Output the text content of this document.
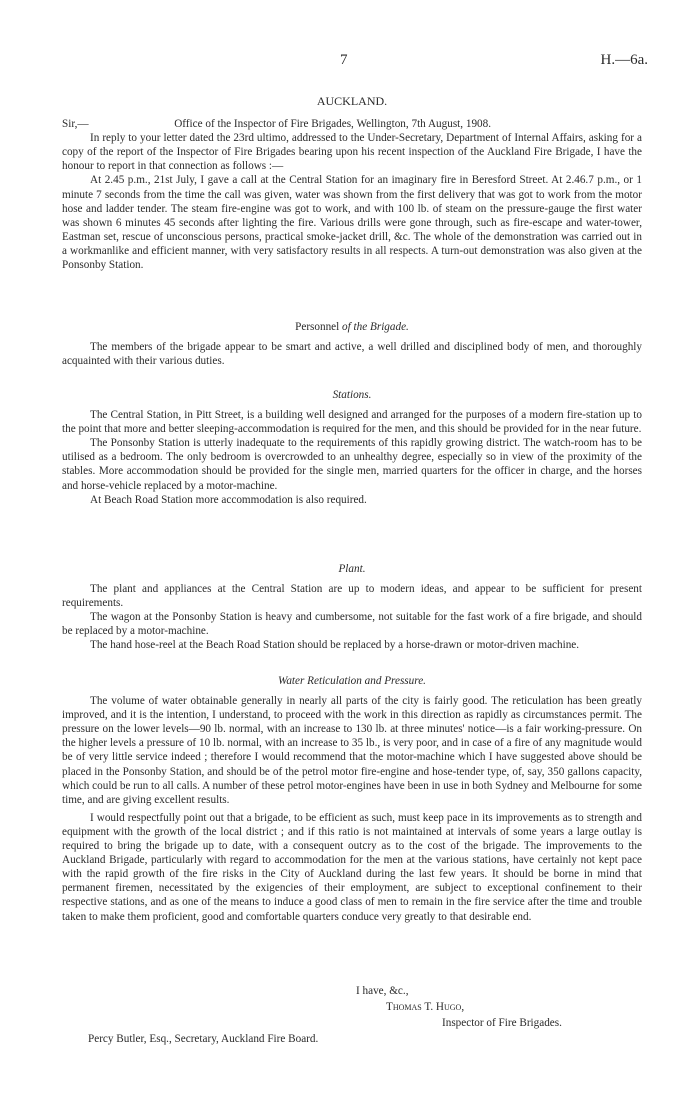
7	H.—6a.

AUCKLAND.

Sir,—	Office of the Inspector of Fire Brigades, Wellington, 7th August, 1908.

In reply to your letter dated the 23rd ultimo, addressed to the Under-Secretary, Department of Internal Affairs, asking for a copy of the report of the Inspector of Fire Brigades bearing upon his recent inspection of the Auckland Fire Brigade, I have the honour to report in that connection as follows :—

At 2.45 p.m., 21st July, I gave a call at the Central Station for an imaginary fire in Beresford Street. At 2.46.7 p.m., or 1 minute 7 seconds from the time the call was given, water was shown from the first delivery that was got to work from the motor hose and ladder tender. The steam fire-engine was got to work, and with 100 lb. of steam on the pressure-gauge the first water was shown 6 minutes 45 seconds after lighting the fire. Various drills were gone through, such as fire-escape and water-tower, Eastman set, rescue of unconscious persons, practical smoke-jacket drill, &c. The whole of the demonstration was carried out in a workmanlike and efficient manner, with very satisfactory results in all respects. A turn-out demonstration was also given at the Ponsonby Station.

Personnel of the Brigade.

The members of the brigade appear to be smart and active, a well drilled and disciplined body of men, and thoroughly acquainted with their various duties.

Stations.

The Central Station, in Pitt Street, is a building well designed and arranged for the purposes of a modern fire-station up to the point that more and better sleeping-accommodation is required for the men, and this should be provided for in the near future.

The Ponsonby Station is utterly inadequate to the requirements of this rapidly growing district. The watch-room has to be utilised as a bedroom. The only bedroom is overcrowded to an unhealthy degree, especially so in view of the proximity of the stables. More accommodation should be provided for the single men, married quarters for the officer in charge, and the horses and horse-vehicle replaced by a motor-machine.

At Beach Road Station more accommodation is also required.

Plant.

The plant and appliances at the Central Station are up to modern ideas, and appear to be sufficient for present requirements.

The wagon at the Ponsonby Station is heavy and cumbersome, not suitable for the fast work of a fire brigade, and should be replaced by a motor-machine.

The hand hose-reel at the Beach Road Station should be replaced by a horse-drawn or motor-driven machine.

Water Reticulation and Pressure.

The volume of water obtainable generally in nearly all parts of the city is fairly good. The reticulation has been greatly improved, and it is the intention, I understand, to proceed with the work in this direction as rapidly as circumstances permit. The pressure on the lower levels—90 lb. normal, with an increase to 130 lb. at three minutes' notice—is a fair working-pressure. On the higher levels a pressure of 10 lb. normal, with an increase to 35 lb., is very poor, and in case of a fire of any magnitude would be of very little service indeed ; therefore I would recommend that the motor-machine which I have suggested above should be placed in the Ponsonby Station, and should be of the petrol motor fire-engine and hose-tender type, of, say, 350 gallons capacity, which could be run to all calls. A number of these petrol motor-engines have been in use in both Sydney and Melbourne for some time, and are giving excellent results.

I would respectfully point out that a brigade, to be efficient as such, must keep pace in its improvements as to strength and equipment with the growth of the local district ; and if this ratio is not maintained at intervals of some years a large outlay is required to bring the brigade up to date, with a consequent outcry as to the cost of the brigade. The improvements to the Auckland Brigade, particularly with regard to accommodation for the men at the various stations, have certainly not kept pace with the rapid growth of the fire risks in the City of Auckland during the last few years. It should be borne in mind that permanent firemen, necessitated by the exigencies of their employment, are subject to exceptional confinement to their respective stations, and as one of the means to induce a good class of men to remain in the fire service after the time and trouble taken to make them proficient, good and comfortable quarters conduce very greatly to that desirable end.

I have, &c.,
Thomas T. Hugo,
Inspector of Fire Brigades.
Percy Butler, Esq., Secretary, Auckland Fire Board.
